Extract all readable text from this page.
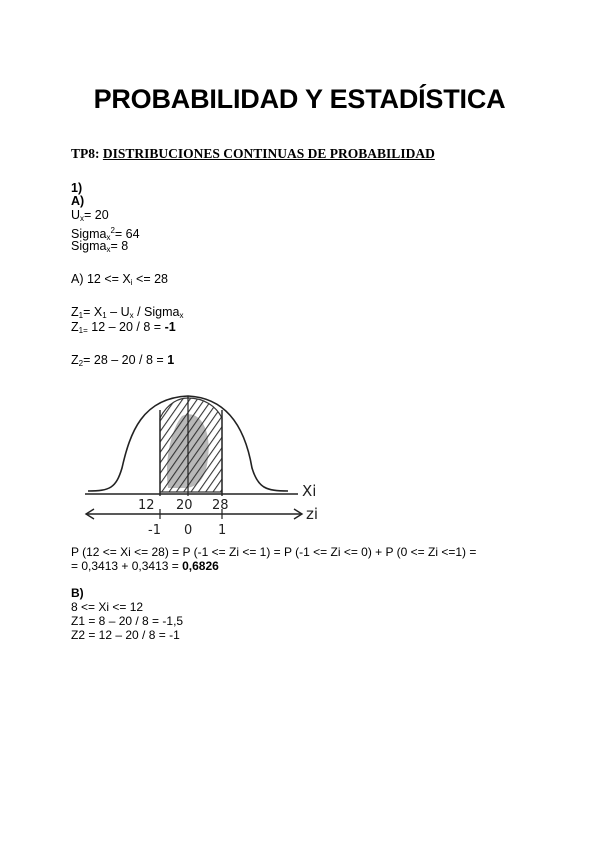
PROBABILIDAD Y ESTADÍSTICA
TP8: DISTRIBUCIONES CONTINUAS DE PROBABILIDAD
1)
A)
$U_x= 20$
Sigma$_x^2$= 64
Sigma$_x$= 8
A) $12 <= X_i <= 28$
$Z_1= X_1 - U_x$ / Sigma$_x$
$Z_{1=}$ 12 – 20 / 8 = -1
$Z_2= 28 - 20 / 8 = 1$
Xi
12 20 28	zi
-1 0 1
P (12 <= Xi <= 28) = P (-1 <= Zi <= 1) = P (-1 <= Zi <= 0) + P (0 <= Zi <=1) =
= 0,3413 + 0,3413 = 0,6826
B)
8 <= Xi <= 12
Z1 = 8 – 20 / 8 = -1,5
Z2 = 12 – 20 / 8 = -1
